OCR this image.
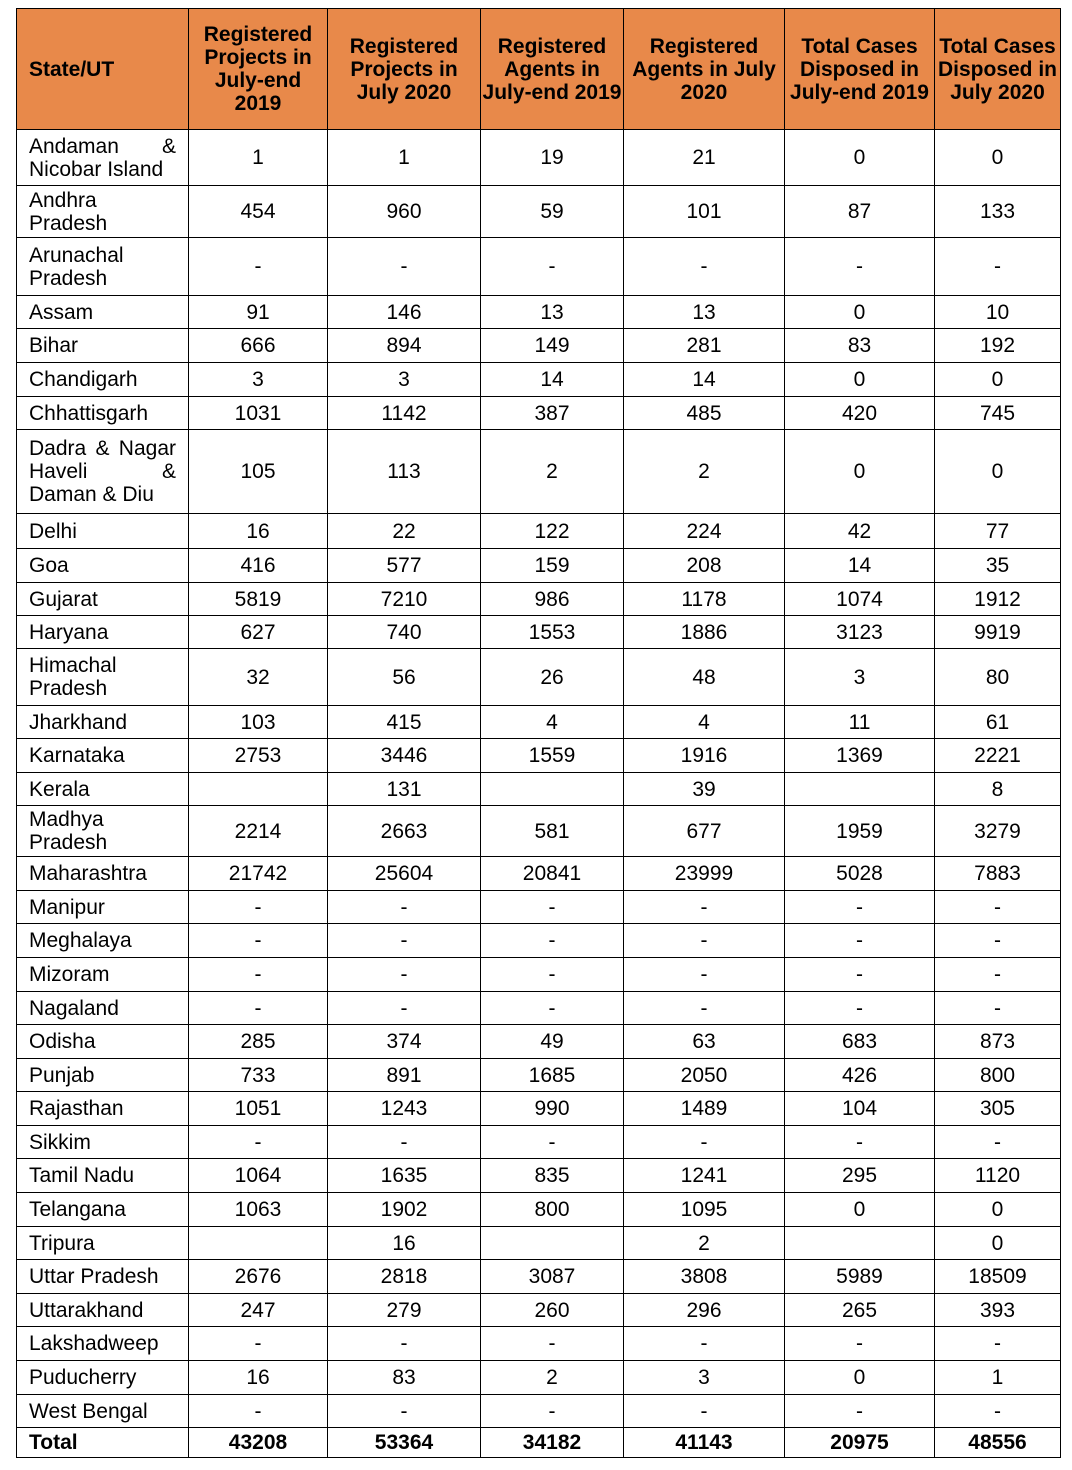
State/UT	Registered Projects in July-end 2019	Registered Projects in July 2020	Registered Agents in July-end 2019	Registered Agents in July 2020	Total Cases Disposed in July-end 2019	Total Cases Disposed in July 2020
Andaman & Nicobar Island	1	1	19	21	0	0
Andhra Pradesh	454	960	59	101	87	133
Arunachal Pradesh	-	-	-	-	-	-
Assam	91	146	13	13	0	10
Bihar	666	894	149	281	83	192
Chandigarh	3	3	14	14	0	0
Chhattisgarh	1031	1142	387	485	420	745
Dadra & Nagar Haveli & Daman & Diu	105	113	2	2	0	0
Delhi	16	22	122	224	42	77
Goa	416	577	159	208	14	35
Gujarat	5819	7210	986	1178	1074	1912
Haryana	627	740	1553	1886	3123	9919
Himachal Pradesh	32	56	26	48	3	80
Jharkhand	103	415	4	4	11	61
Karnataka	2753	3446	1559	1916	1369	2221
Kerala		131		39		8
Madhya Pradesh	2214	2663	581	677	1959	3279
Maharashtra	21742	25604	20841	23999	5028	7883
Manipur	-	-	-	-	-	-
Meghalaya	-	-	-	-	-	-
Mizoram	-	-	-	-	-	-
Nagaland	-	-	-	-	-	-
Odisha	285	374	49	63	683	873
Punjab	733	891	1685	2050	426	800
Rajasthan	1051	1243	990	1489	104	305
Sikkim	-	-	-	-	-	-
Tamil Nadu	1064	1635	835	1241	295	1120
Telangana	1063	1902	800	1095	0	0
Tripura		16		2		0
Uttar Pradesh	2676	2818	3087	3808	5989	18509
Uttarakhand	247	279	260	296	265	393
Lakshadweep	-	-	-	-	-	-
Puducherry	16	83	2	3	0	1
West Bengal	-	-	-	-	-	-
Total	43208	53364	34182	41143	20975	48556
